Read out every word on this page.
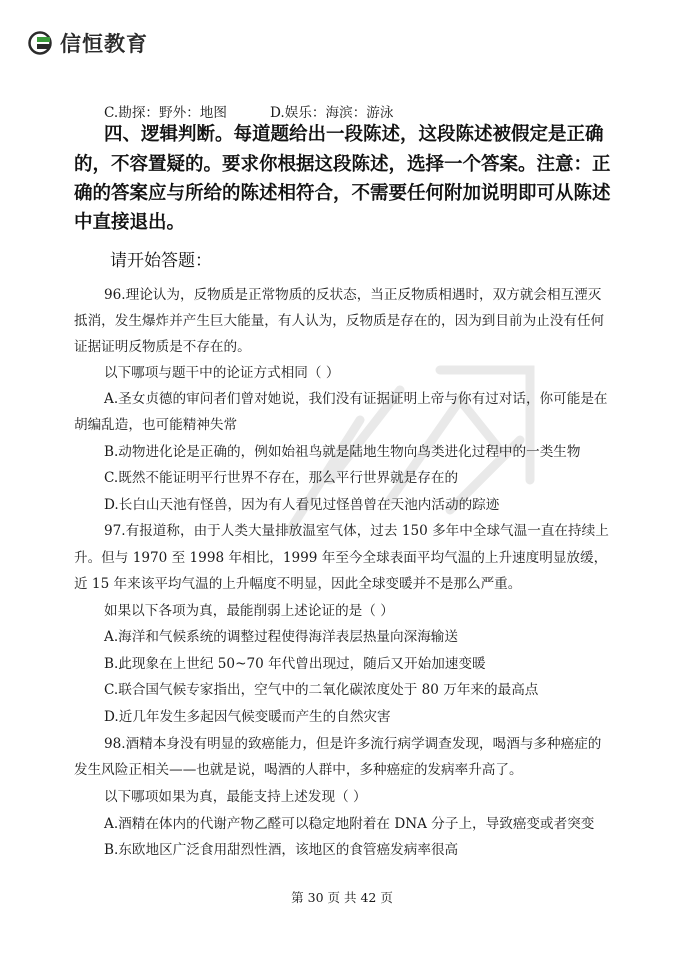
信恒教育
C.勘探：野外：地图	D.娱乐：海滨：游泳
四、逻辑判断。每道题给出一段陈述，这段陈述被假定是正确
的，不容置疑的。要求你根据这段陈述，选择一个答案。注意：正
确的答案应与所给的陈述相符合，不需要任何附加说明即可从陈述
中直接退出。
请开始答题：
96.理论认为，反物质是正常物质的反状态，当正反物质相遇时，双方就会相互湮灭
抵消，发生爆炸并产生巨大能量，有人认为，反物质是存在的，因为到目前为止没有任何
证据证明反物质是不存在的。
以下哪项与题干中的论证方式相同（ ）
A.圣女贞德的审问者们曾对她说，我们没有证据证明上帝与你有过对话，你可能是在
胡编乱造，也可能精神失常
B.动物进化论是正确的，例如始祖鸟就是陆地生物向鸟类进化过程中的一类生物
C.既然不能证明平行世界不存在，那么平行世界就是存在的
D.长白山天池有怪兽，因为有人看见过怪兽曾在天池内活动的踪迹
97.有报道称，由于人类大量排放温室气体，过去 150 多年中全球气温一直在持续上
升。但与 1970 至 1998 年相比，1999 年至今全球表面平均气温的上升速度明显放缓，
近 15 年来该平均气温的上升幅度不明显，因此全球变暖并不是那么严重。
如果以下各项为真，最能削弱上述论证的是（ ）
A.海洋和气候系统的调整过程使得海洋表层热量向深海输送
B.此现象在上世纪 50~70 年代曾出现过，随后又开始加速变暖
C.联合国气候专家指出，空气中的二氧化碳浓度处于 80 万年来的最高点
D.近几年发生多起因气候变暖而产生的自然灾害
98.酒精本身没有明显的致癌能力，但是许多流行病学调查发现，喝酒与多种癌症的
发生风险正相关——也就是说，喝酒的人群中，多种癌症的发病率升高了。
以下哪项如果为真，最能支持上述发现（ ）
A.酒精在体内的代谢产物乙醛可以稳定地附着在 DNA 分子上，导致癌变或者突变
B.东欧地区广泛食用甜烈性酒，该地区的食管癌发病率很高
第 30 页 共 42 页
